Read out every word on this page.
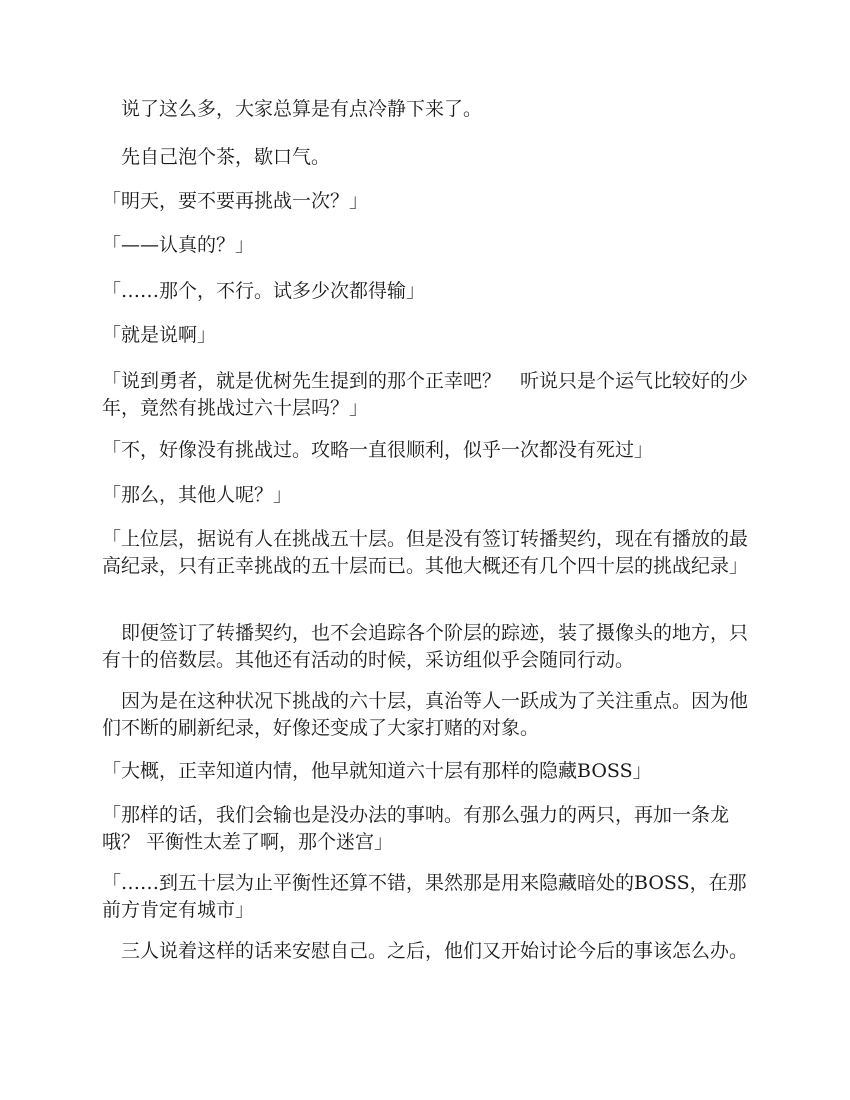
说了这么多，大家总算是有点冷静下来了。

先自己泡个茶，歇口气。

「明天，要不要再挑战一次？」

「——认真的？」

「……那个，不行。试多少次都得输」

「就是说啊」

「说到勇者，就是优树先生提到的那个正幸吧？　听说只是个运气比较好的少年，竟然有挑战过六十层吗？」

「不，好像没有挑战过。攻略一直很顺利，似乎一次都没有死过」

「那么，其他人呢？」

「上位层，据说有人在挑战五十层。但是没有签订转播契约，现在有播放的最高纪录，只有正幸挑战的五十层而已。其他大概还有几个四十层的挑战纪录」

即便签订了转播契约，也不会追踪各个阶层的踪迹，装了摄像头的地方，只有十的倍数层。其他还有活动的时候，采访组似乎会随同行动。

因为是在这种状况下挑战的六十层，真治等人一跃成为了关注重点。因为他们不断的刷新纪录，好像还变成了大家打赌的对象。

「大概，正幸知道内情，他早就知道六十层有那样的隐藏BOSS」

「那样的话，我们会输也是没办法的事呐。有那么强力的两只，再加一条龙哦？ 平衡性太差了啊，那个迷宫」

「……到五十层为止平衡性还算不错，果然那是用来隐藏暗处的BOSS，在那前方肯定有城市」

三人说着这样的话来安慰自己。之后，他们又开始讨论今后的事该怎么办。
